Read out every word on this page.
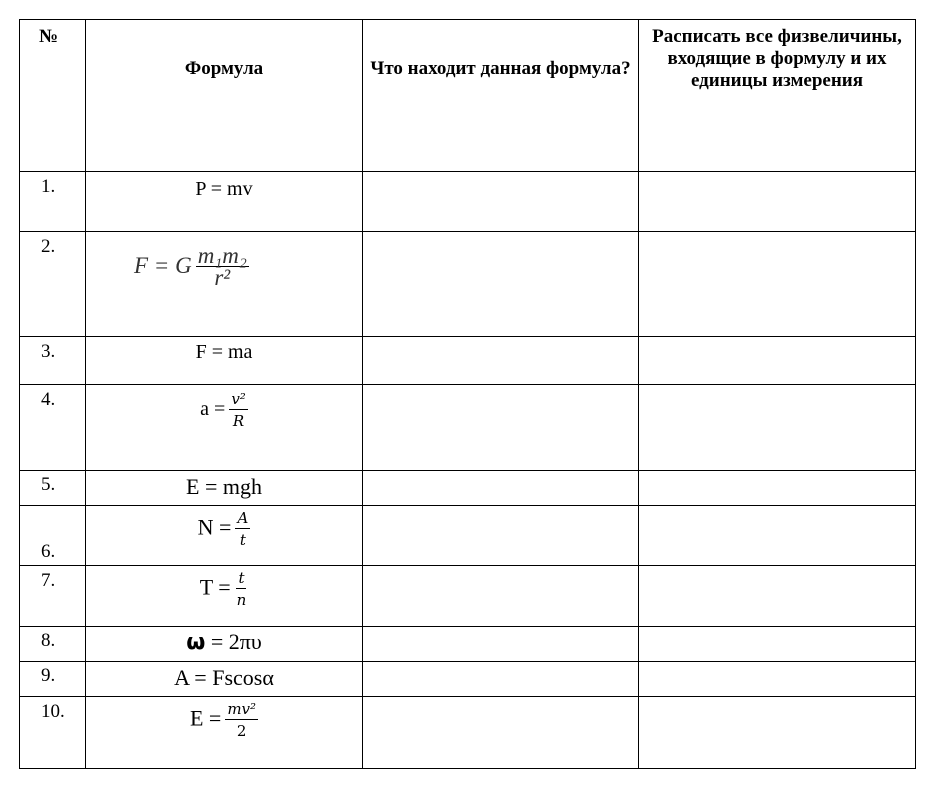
№	Формула	Что находит данная формула?	Расписать все физвеличины, входящие в формулу и их единицы измерения
1.	P = mv		

2.	F = G $\frac{\text{m₁m₂}}{\text{r²}}$

3.	F = ma		

4.	$a = \frac{\text{v²}}{R}$

5.	E = mgh		

6.	$N = \frac{A}{t}$

7.	$T = \frac{t}{n}$

8.	ω = 2πυ		

9.	A = Fscosα		

10.	$E = \frac{\text{mv²}}{2}$
